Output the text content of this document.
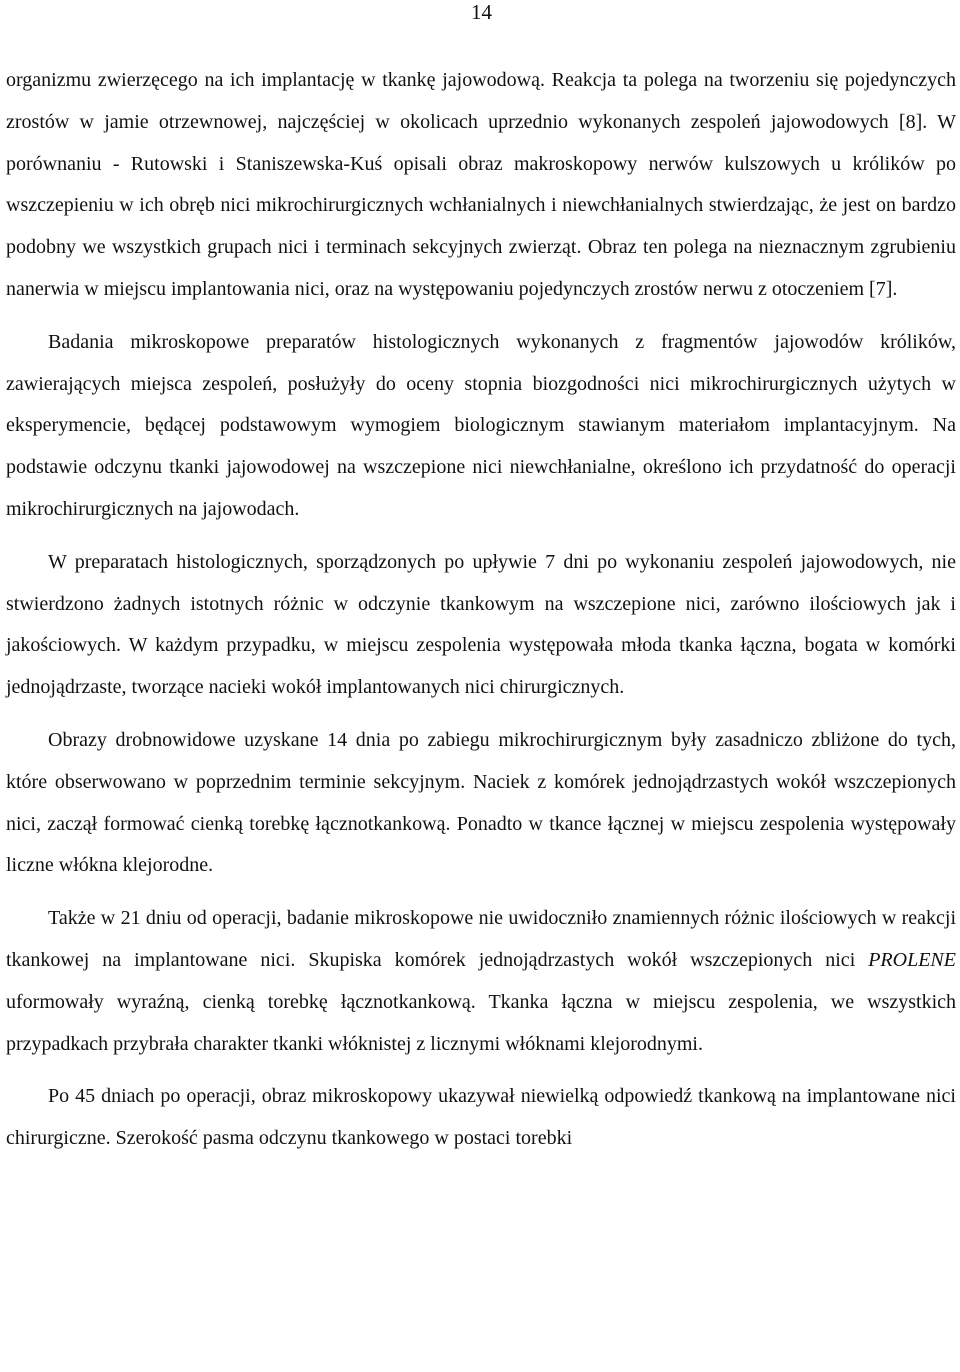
14

organizmu zwierzęcego na ich implantację w tkankę jajowodową. Reakcja ta polega na tworzeniu się pojedynczych zrostów w jamie otrzewnowej, najczęściej w okolicach uprzednio wykonanych zespoleń jajowodowych [8]. W porównaniu - Rutowski i Staniszewska-Kuś opisali obraz makroskopowy nerwów kulszowych u królików po wszczepieniu w ich obręb nici mikrochirurgicznych wchłanialnych i niewchłanialnych stwierdzając, że jest on bardzo podobny we wszystkich grupach nici i terminach sekcyjnych zwierząt. Obraz ten polega na nieznacznym zgrubieniu nanerwia w miejscu implantowania nici, oraz na występowaniu pojedynczych zrostów nerwu z otoczeniem [7].

Badania mikroskopowe preparatów histologicznych wykonanych z fragmentów jajowodów królików, zawierających miejsca zespoleń, posłużyły do oceny stopnia biozgodności nici mikrochirurgicznych użytych w eksperymencie, będącej podstawowym wymogiem biologicznym stawianym materiałom implantacyjnym. Na podstawie odczynu tkanki jajowodowej na wszczepione nici niewchłanialne, określono ich przydatność do operacji mikrochirurgicznych na jajowodach.

W preparatach histologicznych, sporządzonych po upływie 7 dni po wykonaniu zespoleń jajowodowych, nie stwierdzono żadnych istotnych różnic w odczynie tkankowym na wszczepione nici, zarówno ilościowych jak i jakościowych. W każdym przypadku, w miejscu zespolenia występowała młoda tkanka łączna, bogata w komórki jednojądrzaste, tworzące nacieki wokół implantowanych nici chirurgicznych.

Obrazy drobnowidowe uzyskane 14 dnia po zabiegu mikrochirurgicznym były zasadniczo zbliżone do tych, które obserwowano w poprzednim terminie sekcyjnym. Naciek z komórek jednojądrzastych wokół wszczepionych nici, zaczął formować cienką torebkę łącznotkankową. Ponadto w tkance łącznej w miejscu zespolenia występowały liczne włókna klejorodne.

Także w 21 dniu od operacji, badanie mikroskopowe nie uwidoczniło znamiennych różnic ilościowych w reakcji tkankowej na implantowane nici. Skupiska komórek jednojądrzastych wokół wszczepionych nici PROLENE uformowały wyraźną, cienką torebkę łącznotkankową. Tkanka łączna w miejscu zespolenia, we wszystkich przypadkach przybrała charakter tkanki włóknistej z licznymi włóknami klejorodnymi.

Po 45 dniach po operacji, obraz mikroskopowy ukazywał niewielką odpowiedź tkankową na implantowane nici chirurgiczne. Szerokość pasma odczynu tkankowego w postaci torebki
